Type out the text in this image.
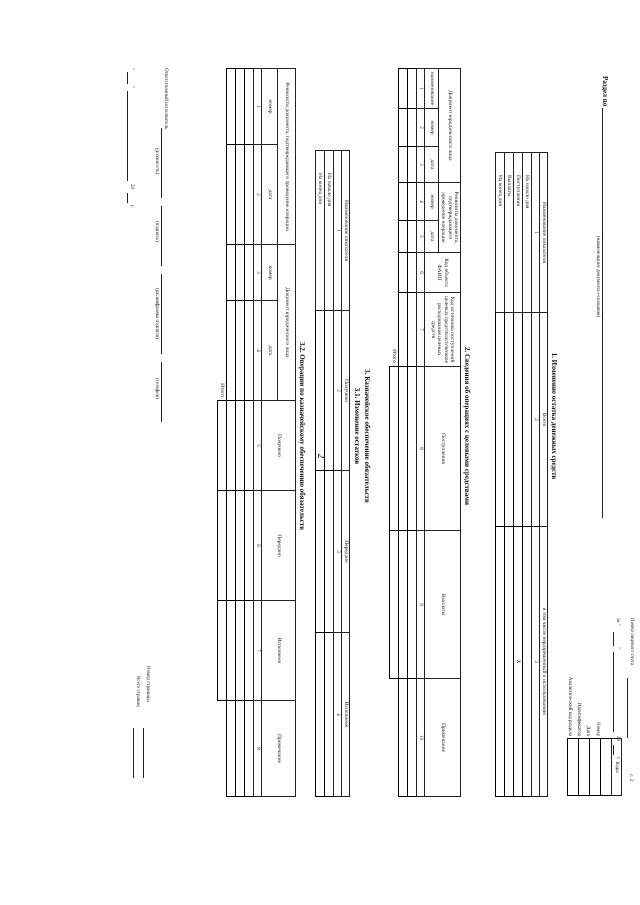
2
с. 2
Номер лицевого счета
за "
"
20
г.
Раздел по
(наименование документа-основания)
Номер
Дата
Идентификатор
Аналитический код раздела
Коды

1. Изменение остатка денежных средств
Наименование показателя	Всего	в том числе неразрешенный к использованию
1	2	3
На начало дня		
Поступления		X
Выплаты		
На конец дня		
2. Сведения об операциях с целевыми средствами
Документ юридического лица			Реквизиты документа, подтверждающего проведение операции		Код объекта ФАИП	Код источника поступлений целевых средств/источников расходования целевых средств	Поступления	Выплаты	Примечание
наименование	номер	дата	номер	дата					
1	2	3	4	5	6	7	8	9	10

Итого									
3. Казначейское обеспечение обязательств
3.1. Изменение остатков
Наименование показателя	Получено	Передано	Исполнено
1	2	3	4
На начало дня			
На конец дня			
3.2. Операции по казначейскому обеспечению обязательств
Реквизиты документа, подтверждающего проведение операции		Документ юридического лица		Получено	Передано	Исполнено	Примечание
номер	дата	номер	дата				
1	2	3	4	5	6	7	8

Итого							
Ответственный исполнитель
(должность)
(подпись)
(расшифровка подписи)
(телефон)
"
"
20
г.
Номер страницы
Всего страниц
